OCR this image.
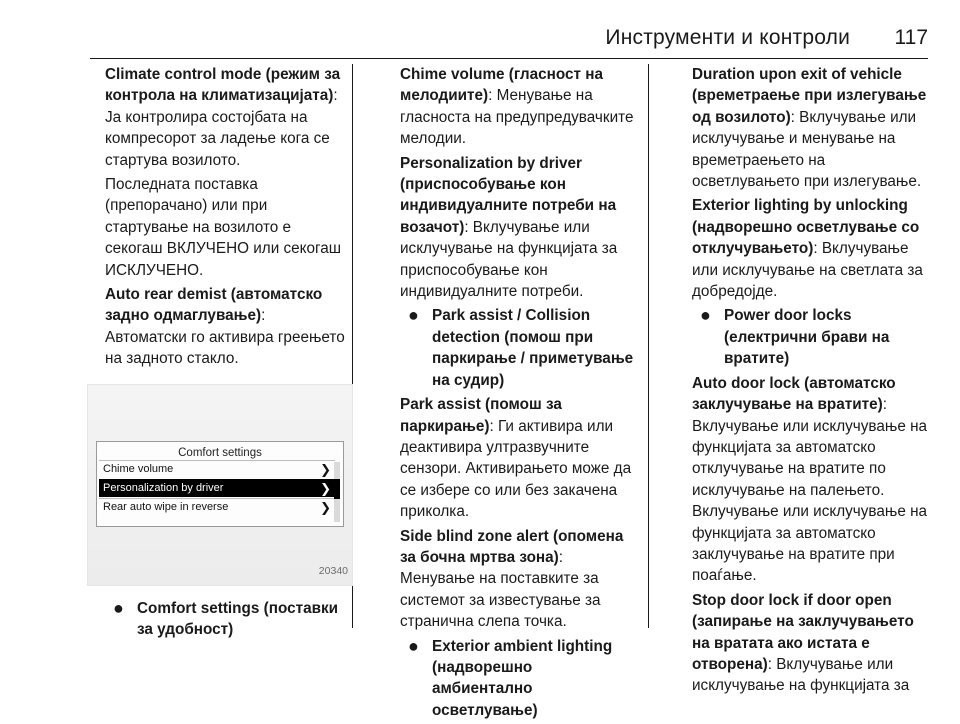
Инструменти и контроли 117

Climate control mode (режим за контрола на климатизацијата): Ја контролира состојбата на компресорот за ладење кога се стартува возилото.

Последната поставка (препорачано) или при стартување на возилото е секогаш ВКЛУЧЕНО или секогаш ИСКЛУЧЕНО.

Auto rear demist (автоматско задно одмаглување): Автоматски го активира греењето на задното стакло.

Comfort settings
Chime volume	❯
Personalization by driver	❯
Rear auto wipe in reverse	❯
20340

● Comfort settings (поставки за удобност)

Chime volume (гласност на мелодиите): Менување на гласноста на предупредувачките мелодии.

Personalization by driver (приспособување кон индивидуалните потреби на возачот): Вклучување или исклучување на функцијата за приспособување кон индивидуалните потреби.

● Park assist / Collision detection (помош при паркирање / приметување на судир)

Park assist (помош за паркирање): Ги активира или деактивира ултразвучните сензори. Активирањето може да се избере со или без закачена приколка.

Side blind zone alert (опомена за бочна мртва зона): Менување на поставките за системот за известување за странична слепа точка.

● Exterior ambient lighting (надворешно амбиентално осветлување)

Duration upon exit of vehicle (времетраење при излегување од возилото): Вклучување или исклучување и менување на времетраењето на осветлувањето при излегување.

Exterior lighting by unlocking (надворешно осветлување со отклучувањето): Вклучување или исклучување на светлата за добредојде.

● Power door locks (електрични брави на вратите)

Auto door lock (автоматско заклучување на вратите): Вклучување или исклучување на функцијата за автоматско отклучување на вратите по исклучување на палењето. Вклучување или исклучување на функцијата за автоматско заклучување на вратите при поаѓање.

Stop door lock if door open (запирање на заклучувањето на вратата ако истата е отворена): Вклучување или исклучување на функцијата за
